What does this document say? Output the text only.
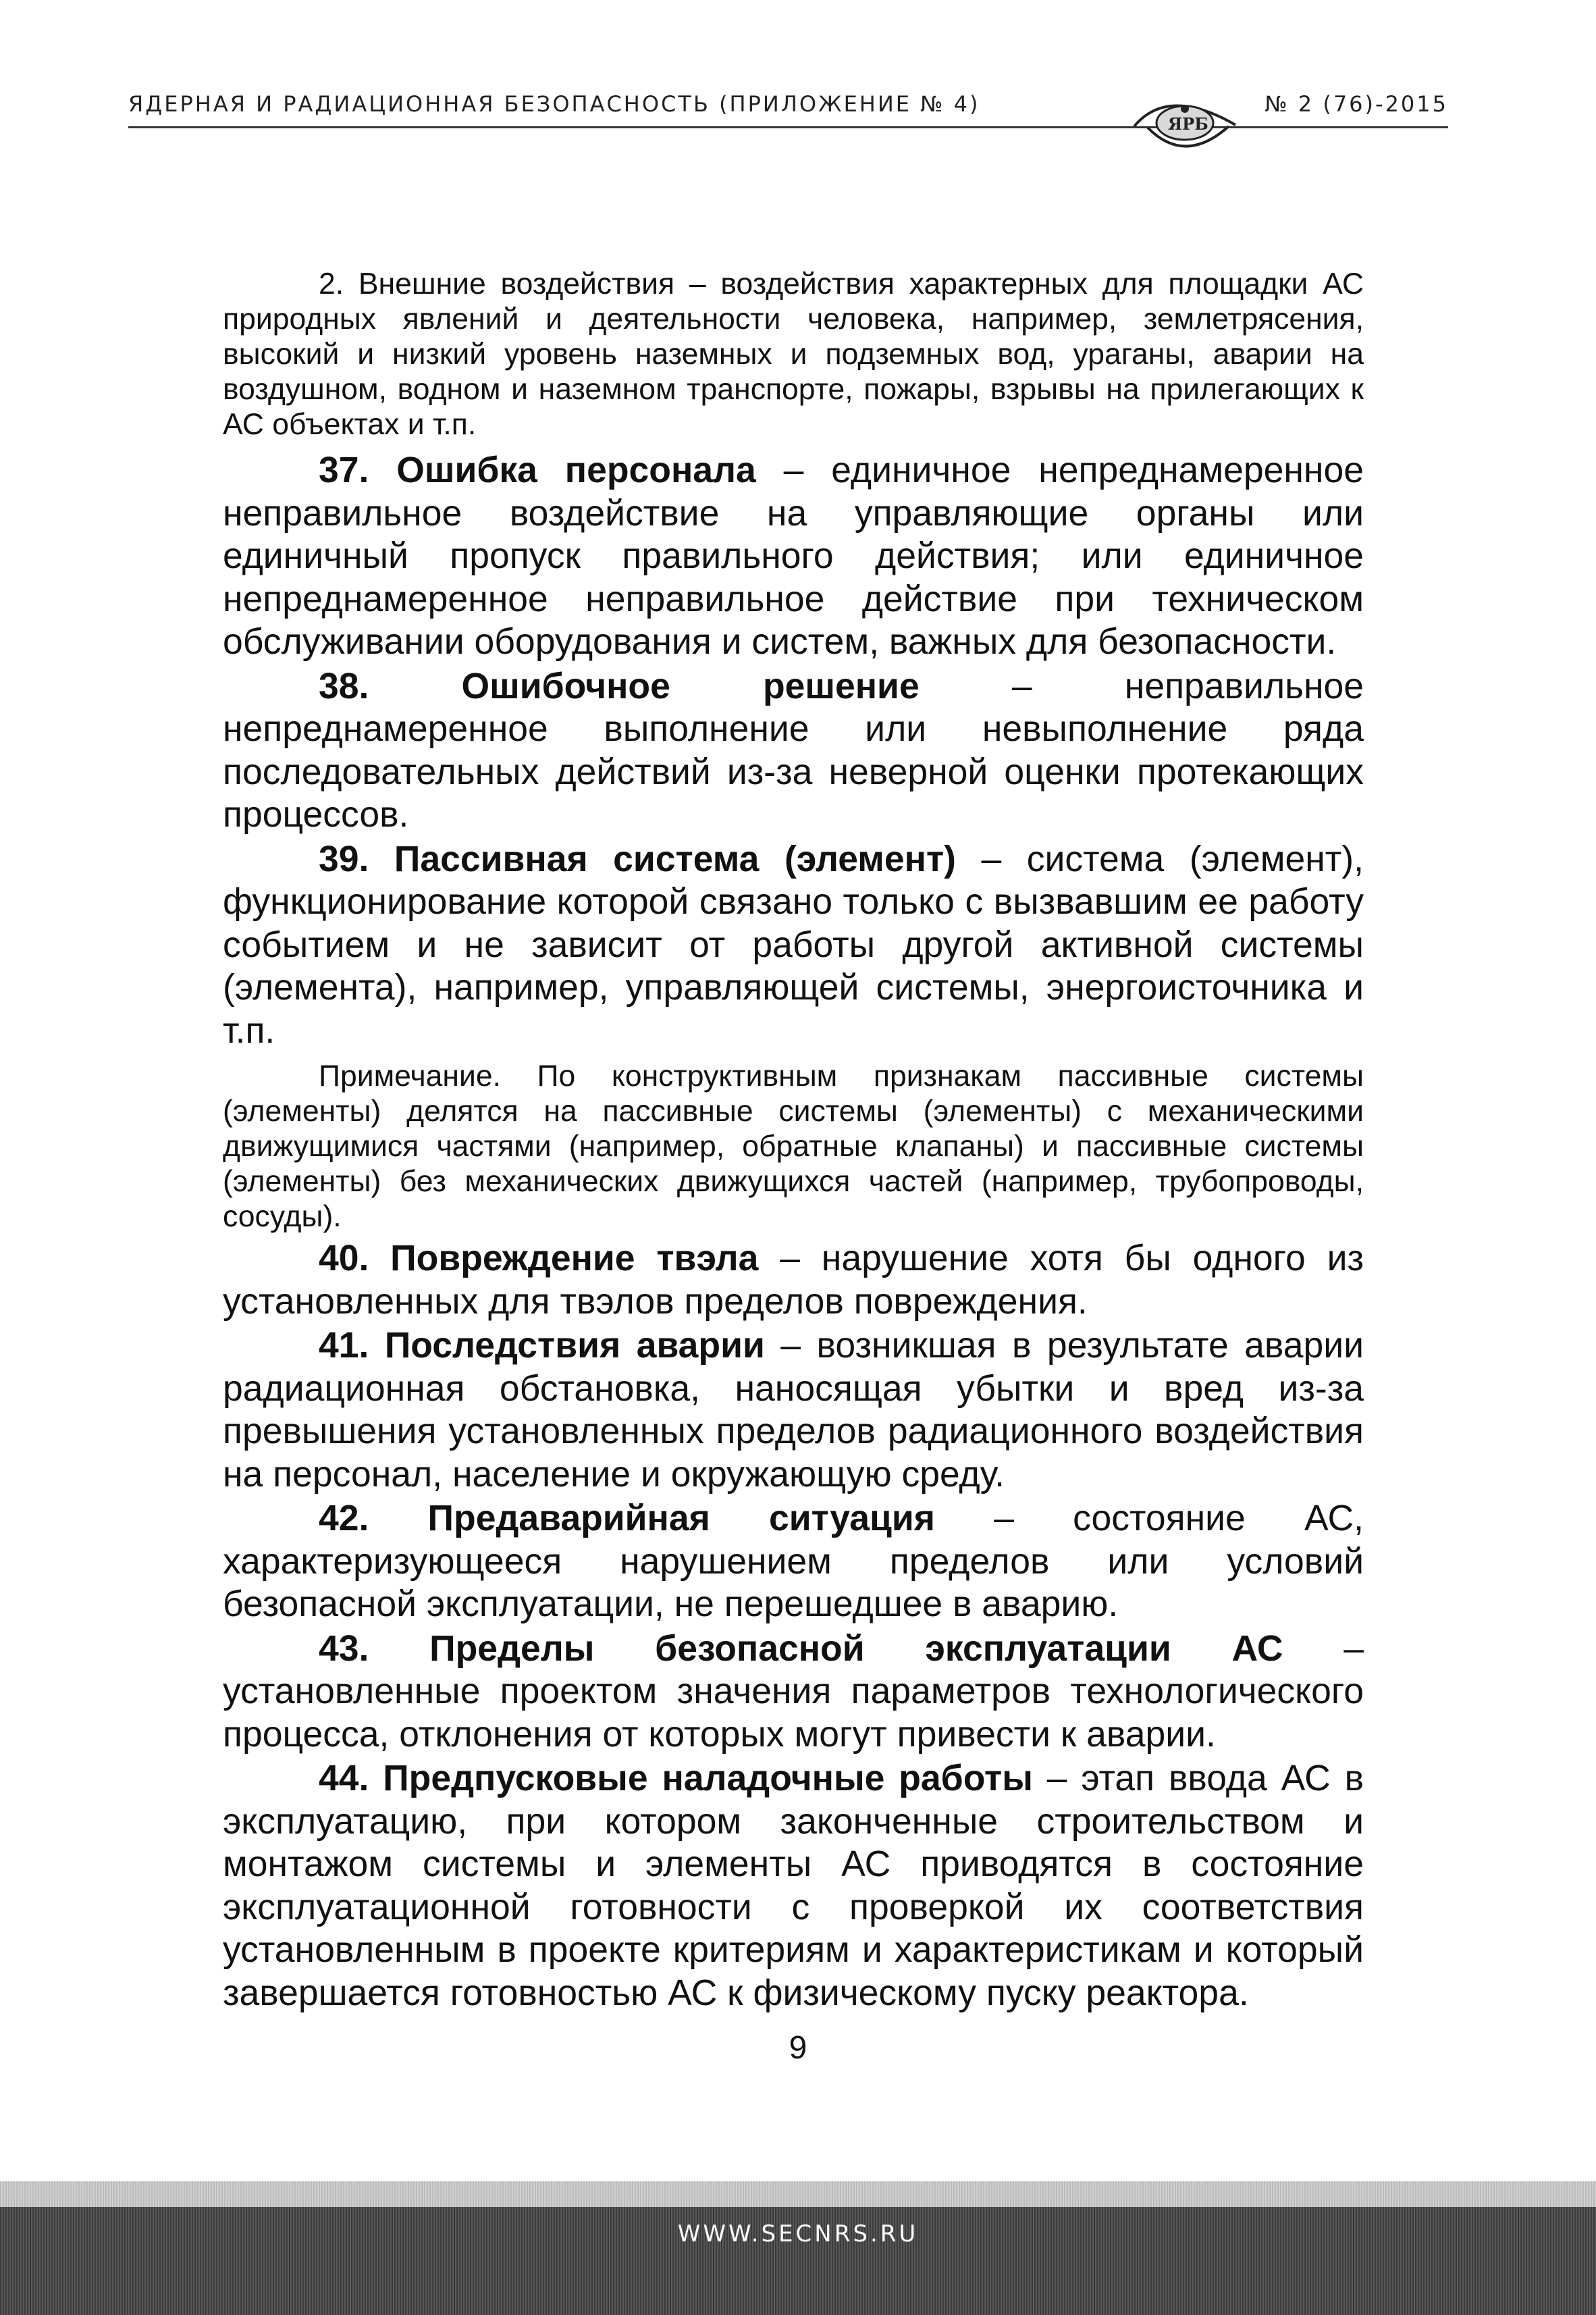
ЯДЕРНАЯ И РАДИАЦИОННАЯ БЕЗОПАСНОСТЬ (ПРИЛОЖЕНИЕ № 4)
ЯРБ
№ 2 (76)-2015

2. Внешние воздействия – воздействия характерных для площадки АС природных явлений и деятельности человека, например, землетрясения, высокий и низкий уровень наземных и подземных вод, ураганы, аварии на воздушном, водном и наземном транспорте, пожары, взрывы на прилегающих к АС объектах и т.п.

37. Ошибка персонала – единичное непреднамеренное неправильное воздействие на управляющие органы или единичный пропуск правильного действия; или единичное непреднамеренное неправильное действие при техническом обслуживании оборудования и систем, важных для безопасности.

38. Ошибочное решение – неправильное непреднамеренное выполнение или невыполнение ряда последовательных действий из-за неверной оценки протекающих процессов.

39. Пассивная система (элемент) – система (элемент), функционирование которой связано только с вызвавшим ее работу событием и не зависит от работы другой активной системы (элемента), например, управляющей системы, энергоисточника и т.п.

Примечание. По конструктивным признакам пассивные системы (элементы) делятся на пассивные системы (элементы) с механическими движущимися частями (например, обратные клапаны) и пассивные системы (элементы) без механических движущихся частей (например, трубопроводы, сосуды).

40. Повреждение твэла – нарушение хотя бы одного из установленных для твэлов пределов повреждения.

41. Последствия аварии – возникшая в результате аварии радиационная обстановка, наносящая убытки и вред из-за превышения установленных пределов радиационного воздействия на персонал, население и окружающую среду.

42. Предаварийная ситуация – состояние АС, характеризующееся нарушением пределов или условий безопасной эксплуатации, не перешедшее в аварию.

43. Пределы безопасной эксплуатации АС – установленные проектом значения параметров технологического процесса, отклонения от которых могут привести к аварии.

44. Предпусковые наладочные работы – этап ввода АС в эксплуатацию, при котором законченные строительством и монтажом системы и элементы АС приводятся в состояние эксплуатационной готовности с проверкой их соответствия установленным в проекте критериям и характеристикам и который завершается готовностью АС к физическому пуску реактора.

9
WWW.SECNRS.RU
